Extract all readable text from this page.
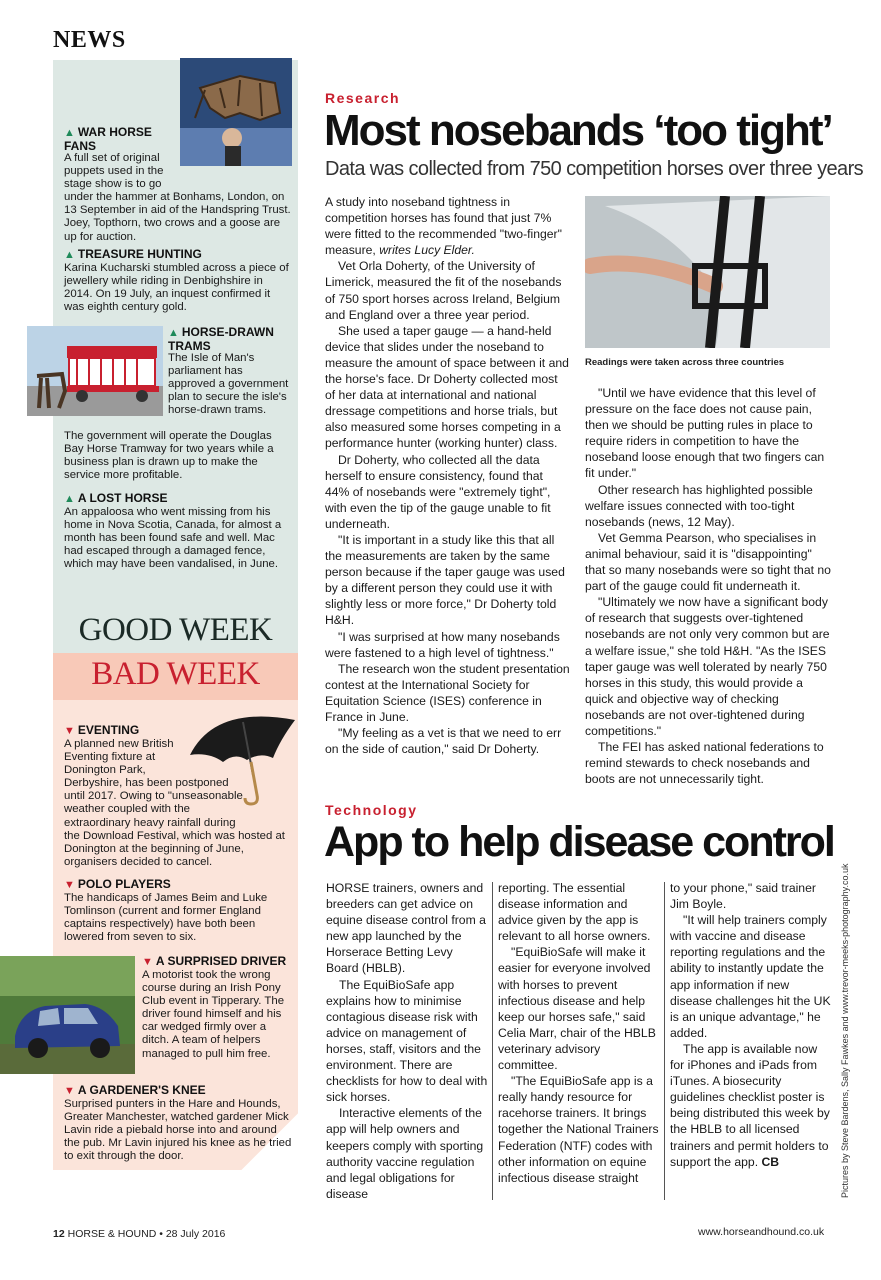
NEWS
▲ WAR HORSE FANS
A full set of original puppets used in the stage show is to go
under the hammer at Bonhams, London, on 13 September in aid of the Handspring Trust. Joey, Topthorn, two crows and a goose are up for auction.
▲ TREASURE HUNTING
Karina Kucharski stumbled across a piece of jewellery while riding in Denbighshire in 2014. On 19 July, an inquest confirmed it was eighth century gold.
▲ HORSE-DRAWN TRAMS
The Isle of Man's parliament has approved a government plan to secure the isle's horse-drawn trams.
The government will operate the Douglas Bay Horse Tramway for two years while a business plan is drawn up to make the service more profitable.
▲ A LOST HORSE
An appaloosa who went missing from his home in Nova Scotia, Canada, for almost a month has been found safe and well. Mac had escaped through a damaged fence, which may have been vandalised, in June.
GOOD WEEK
BAD WEEK
▼ EVENTING
A planned new British Eventing fixture at Donington Park,
Derbyshire, has been postponed until 2017. Owing to "unseasonable weather coupled with the extraordinary heavy rainfall during
the Download Festival, which was hosted at Donington at the beginning of June, organisers decided to cancel.
▼ POLO PLAYERS
The handicaps of James Beim and Luke Tomlinson (current and former England captains respectively) have both been lowered from seven to six.
▼ A SURPRISED DRIVER
A motorist took the wrong course during an Irish Pony Club event in Tipperary. The driver found himself and his car wedged firmly over a ditch. A team of helpers managed to pull him free.
▼ A GARDENER'S KNEE
Surprised punters in the Hare and Hounds, Greater Manchester, watched gardener Mick Lavin ride a piebald horse into and around the pub. Mr Lavin injured his knee as he tried to exit through the door.
Research
Most nosebands ‘too tight’
Data was collected from 750 competition horses over three years

A study into noseband tightness in competition horses has found that just 7% were fitted to the recommended "two-finger" measure, writes Lucy Elder.

Vet Orla Doherty, of the University of Limerick, measured the fit of the nosebands of 750 sport horses across Ireland, Belgium and England over a three year period.

She used a taper gauge — a hand-held device that slides under the noseband to measure the amount of space between it and the horse's face. Dr Doherty collected most of her data at international and national dressage competitions and horse trials, but also measured some horses competing in a performance hunter (working hunter) class.

Dr Doherty, who collected all the data herself to ensure consistency, found that 44% of nosebands were "extremely tight", with even the tip of the gauge unable to fit underneath.

"It is important in a study like this that all the measurements are taken by the same person because if the taper gauge was used by a different person they could use it with slightly less or more force," Dr Doherty told H&H.

"I was surprised at how many nosebands were fastened to a high level of tightness."

The research won the student presentation contest at the International Society for Equitation Science (ISES) conference in France in June.

"My feeling as a vet is that we need to err on the side of caution," said Dr Doherty.

Readings were taken across three countries

"Until we have evidence that this level of pressure on the face does not cause pain, then we should be putting rules in place to require riders in competition to have the noseband loose enough that two fingers can fit under."

Other research has highlighted possible welfare issues connected with too-tight nosebands (news, 12 May).

Vet Gemma Pearson, who specialises in animal behaviour, said it is "disappointing" that so many nosebands were so tight that no part of the gauge could fit underneath it.

"Ultimately we now have a significant body of research that suggests over-tightened nosebands are not only very common but are a welfare issue," she told H&H. "As the ISES taper gauge was well tolerated by nearly 750 horses in this study, this would provide a quick and objective way of checking nosebands are not over-tightened during competitions."

The FEI has asked national federations to remind stewards to check nosebands and boots are not unnecessarily tight.

Technology
App to help disease control

HORSE trainers, owners and breeders can get advice on equine disease control from a new app launched by the Horserace Betting Levy Board (HBLB).

The EquiBioSafe app explains how to minimise contagious disease risk with advice on management of horses, staff, visitors and the environment. There are checklists for how to deal with sick horses.

Interactive elements of the app will help owners and keepers comply with sporting authority vaccine regulation and legal obligations for disease

reporting. The essential disease information and advice given by the app is relevant to all horse owners.

"EquiBioSafe will make it easier for everyone involved with horses to prevent infectious disease and help keep our horses safe," said Celia Marr, chair of the HBLB veterinary advisory committee.

"The EquiBioSafe app is a really handy resource for racehorse trainers. It brings together the National Trainers Federation (NTF) codes with other information on equine infectious disease straight

to your phone," said trainer Jim Boyle.

"It will help trainers comply with vaccine and disease reporting regulations and the ability to instantly update the app information if new disease challenges hit the UK is an unique advantage," he added.

The app is available now for iPhones and iPads from iTunes. A biosecurity guidelines checklist poster is being distributed this week by the HBLB to all licensed trainers and permit holders to support the app. CB	Pictures by Steve Bardens, Sally Fawkes and www.trevor-meeks-photography.co.uk
12 HORSE & HOUND • 28 July 2016	www.horseandhound.co.uk
